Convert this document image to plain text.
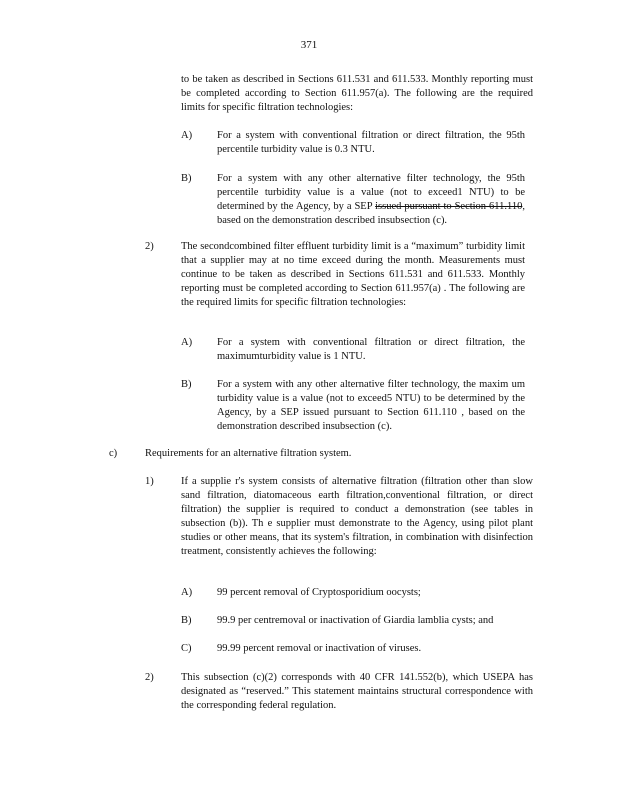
371
to be taken as described in Sections 611.531 and 611.533. Monthly reporting must be completed according to Section 611.957(a). The following are the required limits for specific filtration technologies:
A) For a system with conventional filtration or direct filtration, the 95th percentile turbidity value is 0.3 NTU.
B) For a system with any other alternative filter technology, the 95th percentile turbidity value is a value (not to exceed1 NTU) to be determined by the Agency, by a SEP issued pursuant to Section 611.110, based on the demonstration described insubsection (c).
2)	The secondcombined filter effluent turbidity limit is a “maximum” turbidity limit that a supplier may at no time exceed during the month. Measurements must continue to be taken as described in Sections 611.531 and 611.533. Monthly reporting must be completed according to Section 611.957(a) . The following are the required limits for specific filtration technologies:
A) For a system with conventional filtration or direct filtration, the maximumturbidity value is 1 NTU.
B) For a system with any other alternative filter technology, the maxim um turbidity value is a value (not to exceed5 NTU) to be determined by the Agency, by a SEP issued pursuant to Section 611.110 , based on the demonstration described insubsection (c).
c)	Requirements for an alternative filtration system.
1)	If a supplie r's system consists of alternative filtration (filtration other than slow sand filtration, diatomaceous earth filtration,conventional filtration, or direct filtration) the supplier is required to conduct a demonstration (see tables in subsection (b)). Th e supplier must demonstrate to the Agency, using pilot plant studies or other means, that its system's filtration, in combination with disinfection treatment, consistently achieves the following:
A) 99 percent removal of Cryptosporidium oocysts;
B) 99.9 per centremoval or inactivation of Giardia lamblia cysts; and
C) 99.99 percent removal or inactivation of viruses.
2)	This subsection (c)(2) corresponds with 40 CFR 141.552(b), which USEPA has designated as “reserved.” This statement maintains structural correspondence with the corresponding federal regulation.
